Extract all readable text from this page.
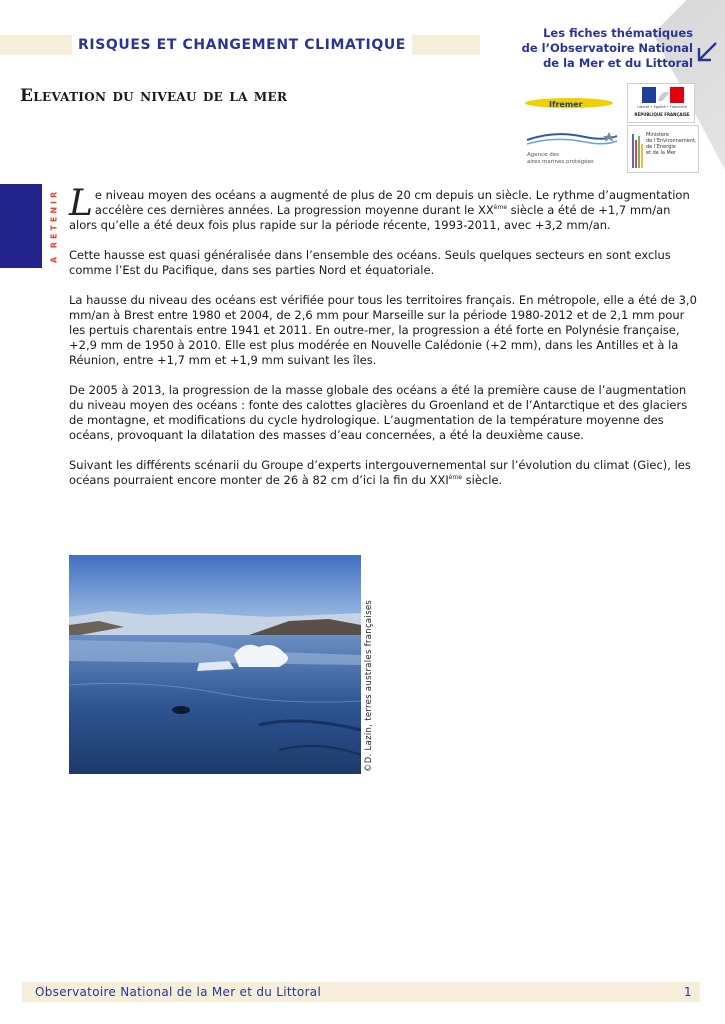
RISQUES ET CHANGEMENT CLIMATIQUE
Les fiches thématiques
de l’Observatoire National
de la Mer et du Littoral
Elevation du niveau de la mer	Ifremer	Liberté • Égalité • Fraternité
RÉPUBLIQUE FRANÇAISE
Agence des
aires marines protégées
Ministère
de l’Environnement,
de l’Energie
et de la Mer
A RETENIR Le niveau moyen des océans a augmenté de plus de 20 cm depuis un siècle. Le rythme d’augmentation accélère ces dernières années. La progression moyenne durant le XXème siècle a été de +1,7 mm/an alors qu’elle a été deux fois plus rapide sur la période récente, 1993-2011, avec +3,2 mm/an.

Cette hausse est quasi généralisée dans l’ensemble des océans. Seuls quelques secteurs en sont exclus comme l’Est du Pacifique, dans ses parties Nord et équatoriale.

La hausse du niveau des océans est vérifiée pour tous les territoires français. En métropole, elle a été de 3,0 mm/an à Brest entre 1980 et 2004, de 2,6 mm pour Marseille sur la période 1980-2012 et de 2,1 mm pour les pertuis charentais entre 1941 et 2011. En outre-mer, la progression a été forte en Polynésie française, +2,9 mm de 1950 à 2010. Elle est plus modérée en Nouvelle Calédonie (+2 mm), dans les Antilles et à la Réunion, entre +1,7 mm et +1,9 mm suivant les îles.

De 2005 à 2013, la progression de la masse globale des océans a été la première cause de l’augmentation du niveau moyen des océans : fonte des calottes glacières du Groenland et de l’Antarctique et des glaciers de montagne, et modifications du cycle hydrologique. L’augmentation de la température moyenne des océans, provoquant la dilatation des masses d’eau concernées, a été la deuxième cause.

Suivant les différents scénarii du Groupe d’experts intergouvernemental sur l’évolution du climat (Giec), les océans pourraient encore monter de 26 à 82 cm d’ici la fin du XXIème siècle.

©D. Lazin, terres australes françaises
Observatoire National de la Mer et du Littoral	1
